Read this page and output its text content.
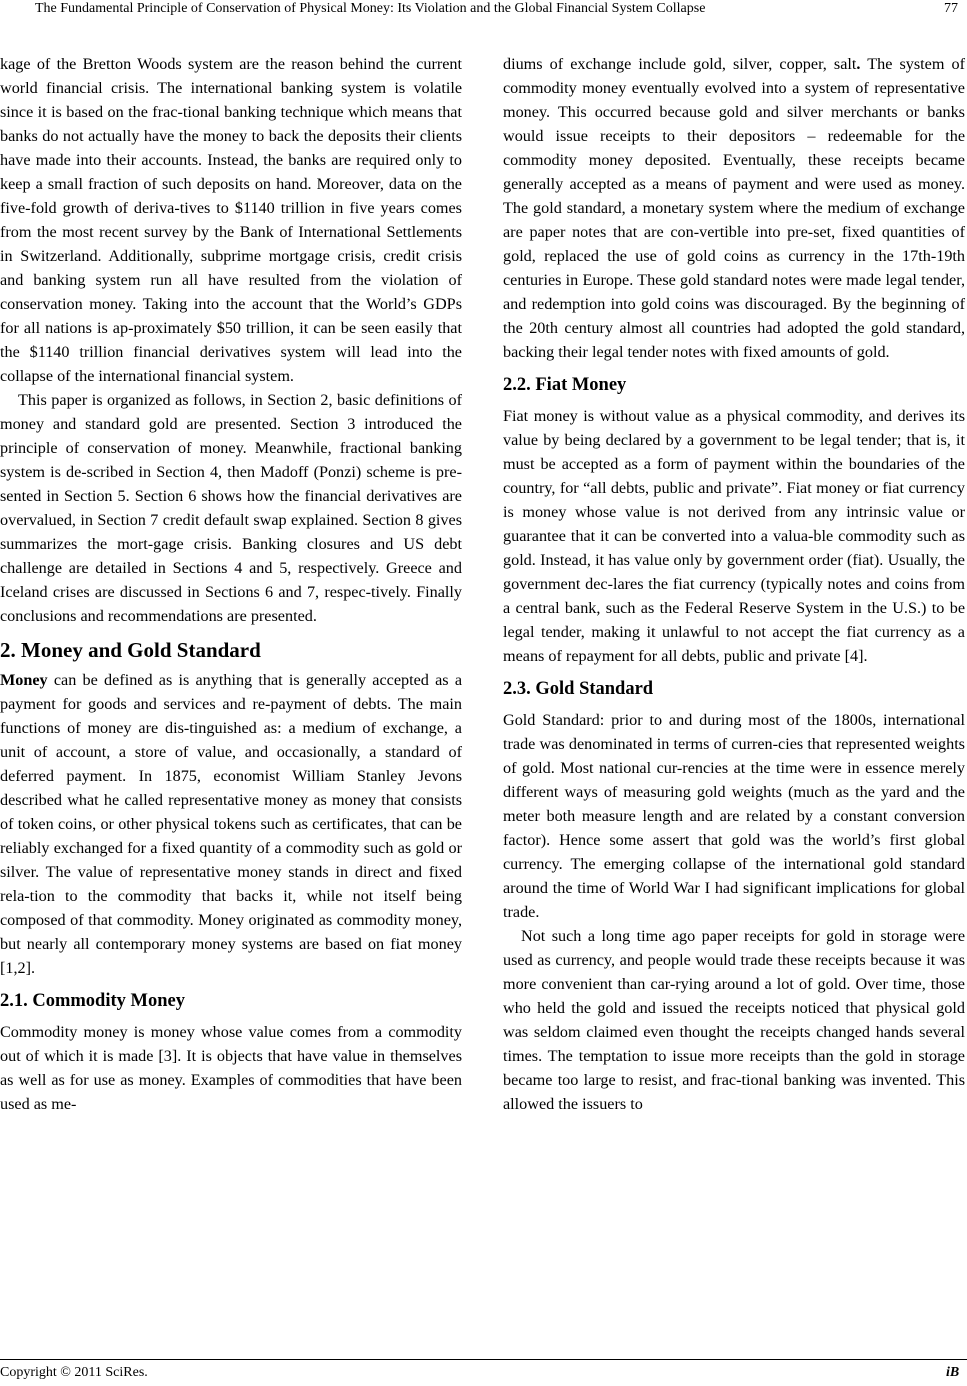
The Fundamental Principle of Conservation of Physical Money: Its Violation and the Global Financial System Collapse	77

kage of the Bretton Woods system are the reason behind the current world financial crisis. The international banking system is volatile since it is based on the frac-tional banking technique which means that banks do not actually have the money to back the deposits their clients have made into their accounts. Instead, the banks are required only to keep a small fraction of such deposits on hand. Moreover, data on the five-fold growth of deriva-tives to $1140 trillion in five years comes from the most recent survey by the Bank of International Settlements in Switzerland. Additionally, subprime mortgage crisis, credit crisis and banking system run all have resulted from the violation of conservation money. Taking into the account that the World’s GDPs for all nations is ap-proximately $50 trillion, it can be seen easily that the $1140 trillion financial derivatives system will lead into the collapse of the international financial system.

This paper is organized as follows, in Section 2, basic definitions of money and standard gold are presented. Section 3 introduced the principle of conservation of money. Meanwhile, fractional banking system is de-scribed in Section 4, then Madoff (Ponzi) scheme is pre-sented in Section 5. Section 6 shows how the financial derivatives are overvalued, in Section 7 credit default swap explained. Section 8 gives summarizes the mort-gage crisis. Banking closures and US debt challenge are detailed in Sections 4 and 5, respectively. Greece and Iceland crises are discussed in Sections 6 and 7, respec-tively. Finally conclusions and recommendations are presented.

2. Money and Gold Standard

Money can be defined as is anything that is generally accepted as a payment for goods and services and re-payment of debts. The main functions of money are dis-tinguished as: a medium of exchange, a unit of account, a store of value, and occasionally, a standard of deferred payment. In 1875, economist William Stanley Jevons described what he called representative money as money that consists of token coins, or other physical tokens such as certificates, that can be reliably exchanged for a fixed quantity of a commodity such as gold or silver. The value of representative money stands in direct and fixed rela-tion to the commodity that backs it, while not itself being composed of that commodity. Money originated as commodity money, but nearly all contemporary money systems are based on fiat money [1,2].

2.1. Commodity Money

Commodity money is money whose value comes from a commodity out of which it is made [3]. It is objects that have value in themselves as well as for use as money. Examples of commodities that have been used as me-

diums of exchange include gold, silver, copper, salt. The system of commodity money eventually evolved into a system of representative money. This occurred because gold and silver merchants or banks would issue receipts to their depositors – redeemable for the commodity money deposited. Eventually, these receipts became generally accepted as a means of payment and were used as money. The gold standard, a monetary system where the medium of exchange are paper notes that are con-vertible into pre-set, fixed quantities of gold, replaced the use of gold coins as currency in the 17th-19th centuries in Europe. These gold standard notes were made legal tender, and redemption into gold coins was discouraged. By the beginning of the 20th century almost all countries had adopted the gold standard, backing their legal tender notes with fixed amounts of gold.

2.2. Fiat Money

Fiat money is without value as a physical commodity, and derives its value by being declared by a government to be legal tender; that is, it must be accepted as a form of payment within the boundaries of the country, for “all debts, public and private”. Fiat money or fiat currency is money whose value is not derived from any intrinsic value or guarantee that it can be converted into a valua-ble commodity such as gold. Instead, it has value only by government order (fiat). Usually, the government dec-lares the fiat currency (typically notes and coins from a central bank, such as the Federal Reserve System in the U.S.) to be legal tender, making it unlawful to not accept the fiat currency as a means of repayment for all debts, public and private [4].

2.3. Gold Standard

Gold Standard: prior to and during most of the 1800s, international trade was denominated in terms of curren-cies that represented weights of gold. Most national cur-rencies at the time were in essence merely different ways of measuring gold weights (much as the yard and the meter both measure length and are related by a constant conversion factor). Hence some assert that gold was the world’s first global currency. The emerging collapse of the international gold standard around the time of World War I had significant implications for global trade.

Not such a long time ago paper receipts for gold in storage were used as currency, and people would trade these receipts because it was more convenient than car-rying around a lot of gold. Over time, those who held the gold and issued the receipts noticed that physical gold was seldom claimed even thought the receipts changed hands several times. The temptation to issue more receipts than the gold in storage became too large to resist, and frac-tional banking was invented. This allowed the issuers to

Copyright © 2011 SciRes.	iB
